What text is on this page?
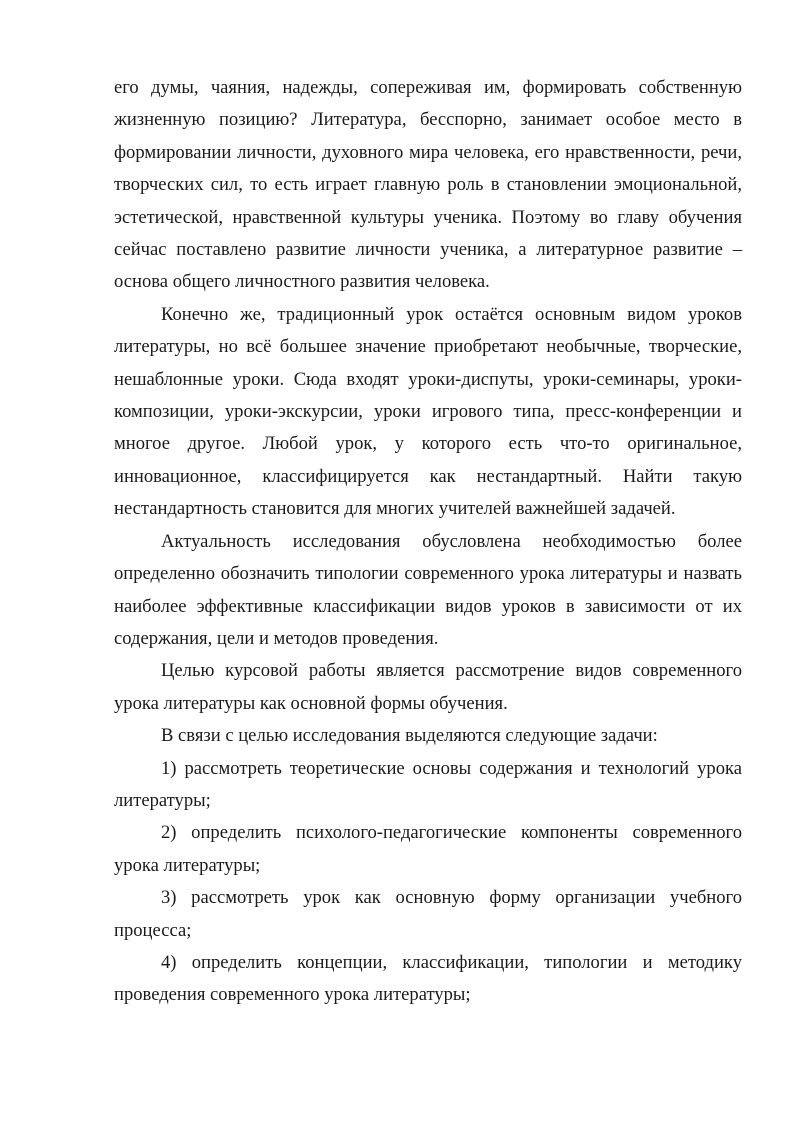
его думы, чаяния, надежды, сопереживая им, формировать собственную жизненную позицию? Литература, бесспорно, занимает особое место в формировании личности, духовного мира человека, его нравственности, речи, творческих сил, то есть играет главную роль в становлении эмоциональной, эстетической, нравственной культуры ученика. Поэтому во главу обучения сейчас поставлено развитие личности ученика, а литературное развитие – основа общего личностного развития человека.

Конечно же, традиционный урок остаётся основным видом уроков литературы, но всё большее значение приобретают необычные, творческие, нешаблонные уроки. Сюда входят уроки-диспуты, уроки-семинары, уроки-композиции, уроки-экскурсии, уроки игрового типа, пресс-конференции и многое другое. Любой урок, у которого есть что-то оригинальное, инновационное, классифицируется как нестандартный. Найти такую нестандартность становится для многих учителей важнейшей задачей.

Актуальность исследования обусловлена необходимостью более определенно обозначить типологии современного урока литературы и назвать наиболее эффективные классификации видов уроков в зависимости от их содержания, цели и методов проведения.

Целью курсовой работы является рассмотрение видов современного урока литературы как основной формы обучения.

В связи с целью исследования выделяются следующие задачи:

1) рассмотреть теоретические основы содержания и технологий урока литературы;

2) определить психолого-педагогические компоненты современного урока литературы;

3) рассмотреть урок как основную форму организации учебного процесса;

4) определить концепции, классификации, типологии и методику проведения современного урока литературы;
